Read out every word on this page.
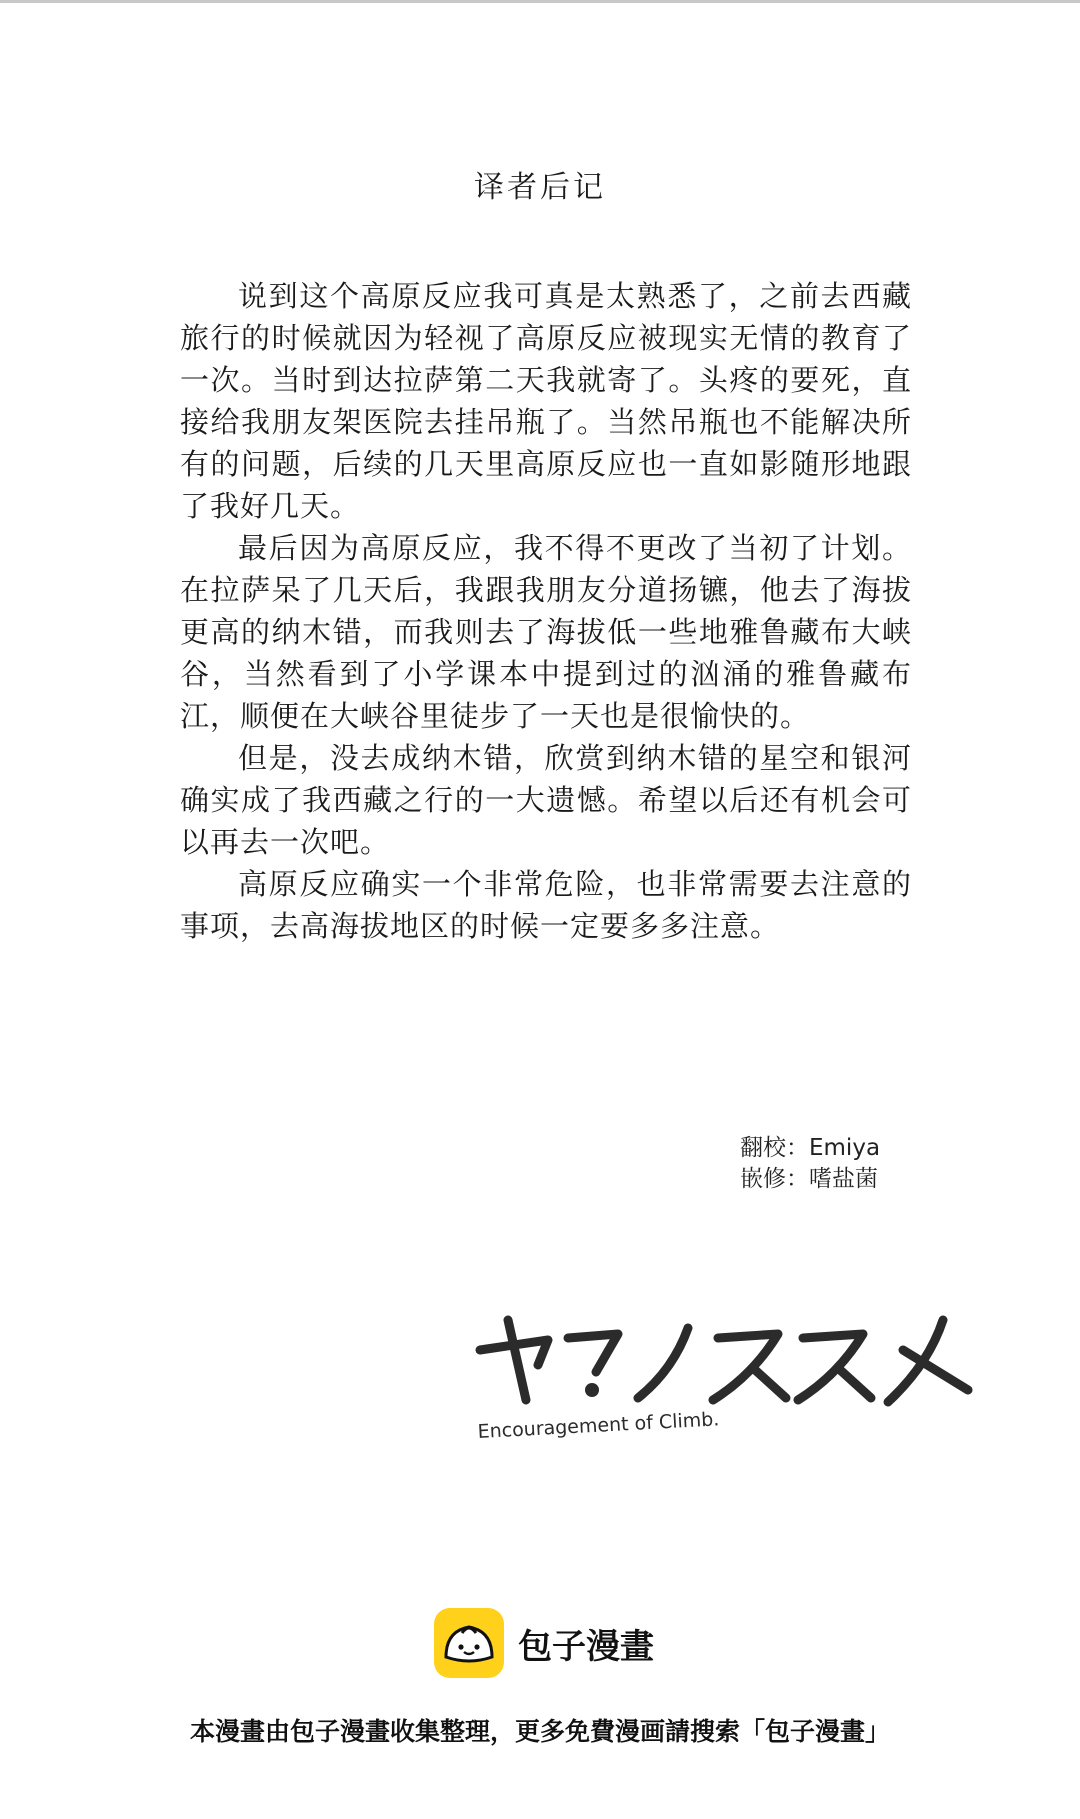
译者后记

说到这个高原反应我可真是太熟悉了，之前去西藏旅行的时候就因为轻视了高原反应被现实无情的教育了一次。当时到达拉萨第二天我就寄了。头疼的要死，直接给我朋友架医院去挂吊瓶了。当然吊瓶也不能解决所有的问题，后续的几天里高原反应也一直如影随形地跟了我好几天。

最后因为高原反应，我不得不更改了当初了计划。在拉萨呆了几天后，我跟我朋友分道扬镳，他去了海拔更高的纳木错，而我则去了海拔低一些地雅鲁藏布大峡谷，当然看到了小学课本中提到过的汹涌的雅鲁藏布江，顺便在大峡谷里徒步了一天也是很愉快的。

但是，没去成纳木错，欣赏到纳木错的星空和银河确实成了我西藏之行的一大遗憾。希望以后还有机会可以再去一次吧。

高原反应确实一个非常危险，也非常需要去注意的事项，去高海拔地区的时候一定要多多注意。

翻校：Emiya
嵌修：嗜盐菌
Encouragement of Climb.
包子漫畫
本漫畫由包子漫畫收集整理，更多免費漫画請搜索「包子漫畫」
